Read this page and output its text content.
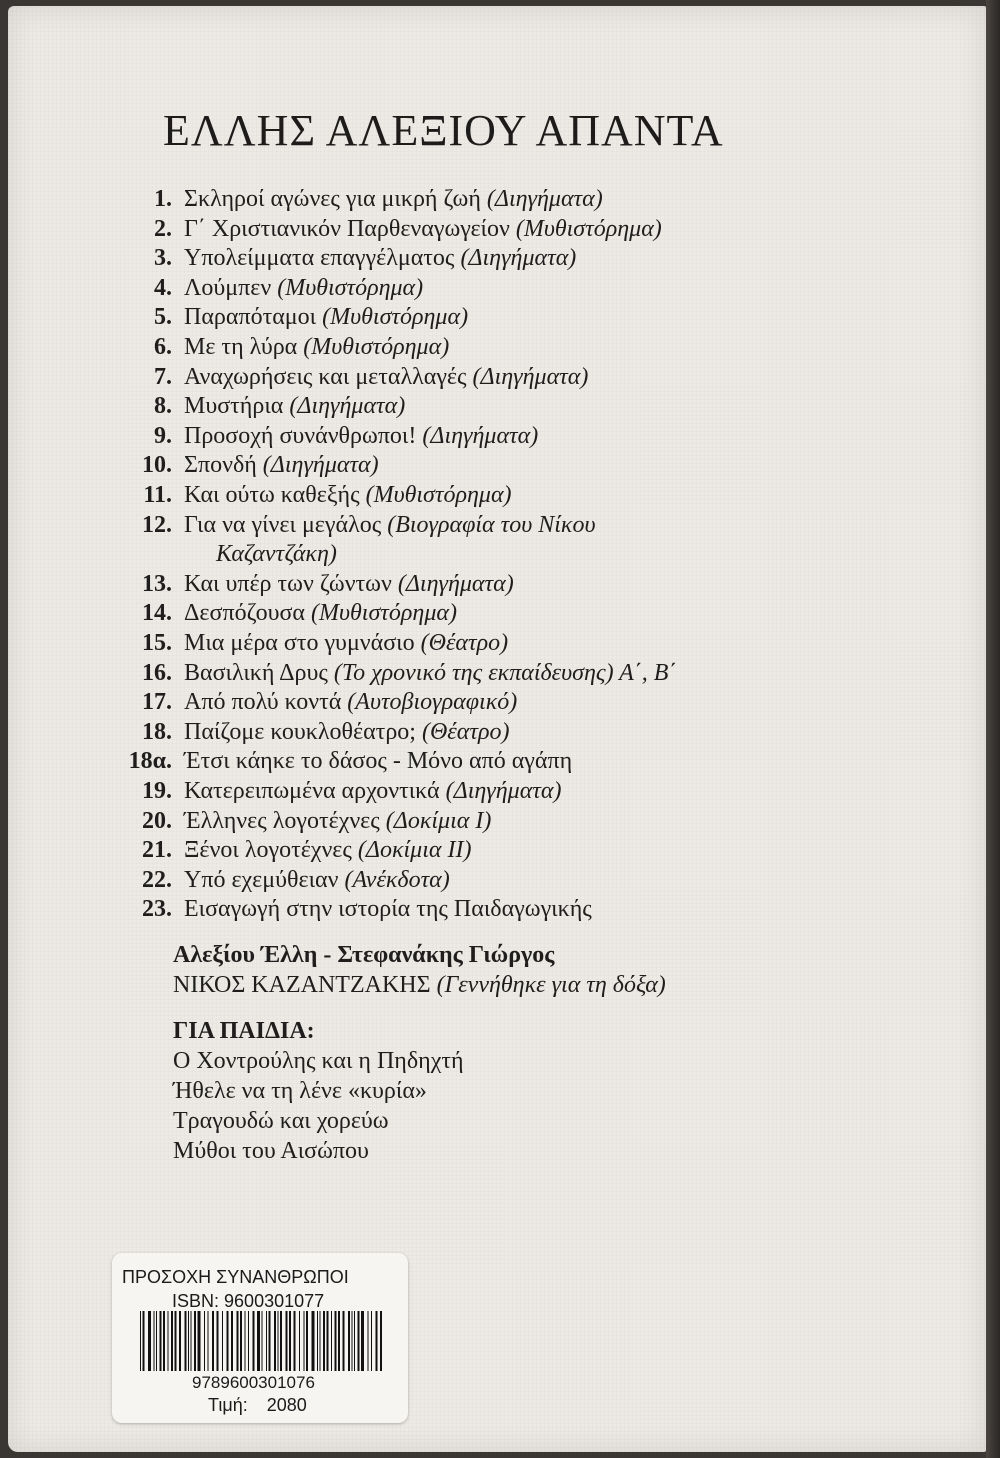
ΕΛΛΗΣ ΑΛΕΞΙΟΥ ΑΠΑΝΤΑ
1. Σκληροί αγώνες για μικρή ζωή (Διηγήματα)
2. Γ΄ Χριστιανικόν Παρθεναγωγείον (Μυθιστόρημα)
3. Υπολείμματα επαγγέλματος (Διηγήματα)
4. Λούμπεν (Μυθιστόρημα)
5. Παραπόταμοι (Μυθιστόρημα)
6. Με τη λύρα (Μυθιστόρημα)
7. Αναχωρήσεις και μεταλλαγές (Διηγήματα)
8. Μυστήρια (Διηγήματα)
9. Προσοχή συνάνθρωποι! (Διηγήματα)
10. Σπονδή (Διηγήματα)
11. Και ούτω καθεξής (Μυθιστόρημα)
12. Για να γίνει μεγάλος (Βιογραφία του Νίκου
Καζαντζάκη)
13. Και υπέρ των ζώντων (Διηγήματα)
14. Δεσπόζουσα (Μυθιστόρημα)
15. Μια μέρα στο γυμνάσιο (Θέατρο)
16. Βασιλική Δρυς (Το χρονικό της εκπαίδευσης) Α΄, Β΄
17. Από πολύ κοντά (Αυτοβιογραφικό)
18. Παίζομε κουκλοθέατρο; (Θέατρο)
18α. Έτσι κάηκε το δάσος - Μόνο από αγάπη
19. Κατερειπωμένα αρχοντικά (Διηγήματα)
20. Έλληνες λογοτέχνες (Δοκίμια Ι)
21. Ξένοι λογοτέχνες (Δοκίμια ΙΙ)
22. Υπό εχεμύθειαν (Ανέκδοτα)
23. Εισαγωγή στην ιστορία της Παιδαγωγικής
Αλεξίου Έλλη - Στεφανάκης Γιώργος
ΝΙΚΟΣ ΚΑΖΑΝΤΖΑΚΗΣ (Γεννήθηκε για τη δόξα)
ΓΙΑ ΠΑΙΔΙΑ:
Ο Χοντρούλης και η Πηδηχτή
Ήθελε να τη λένε «κυρία»
Τραγουδώ και χορεύω
Μύθοι του Αισώπου
ΠΡΟΣΟΧΗ ΣΥΝΑΝΘΡΩΠΟΙ
ISBN: 9600301077
9789600301076
Τιμή: 2080
